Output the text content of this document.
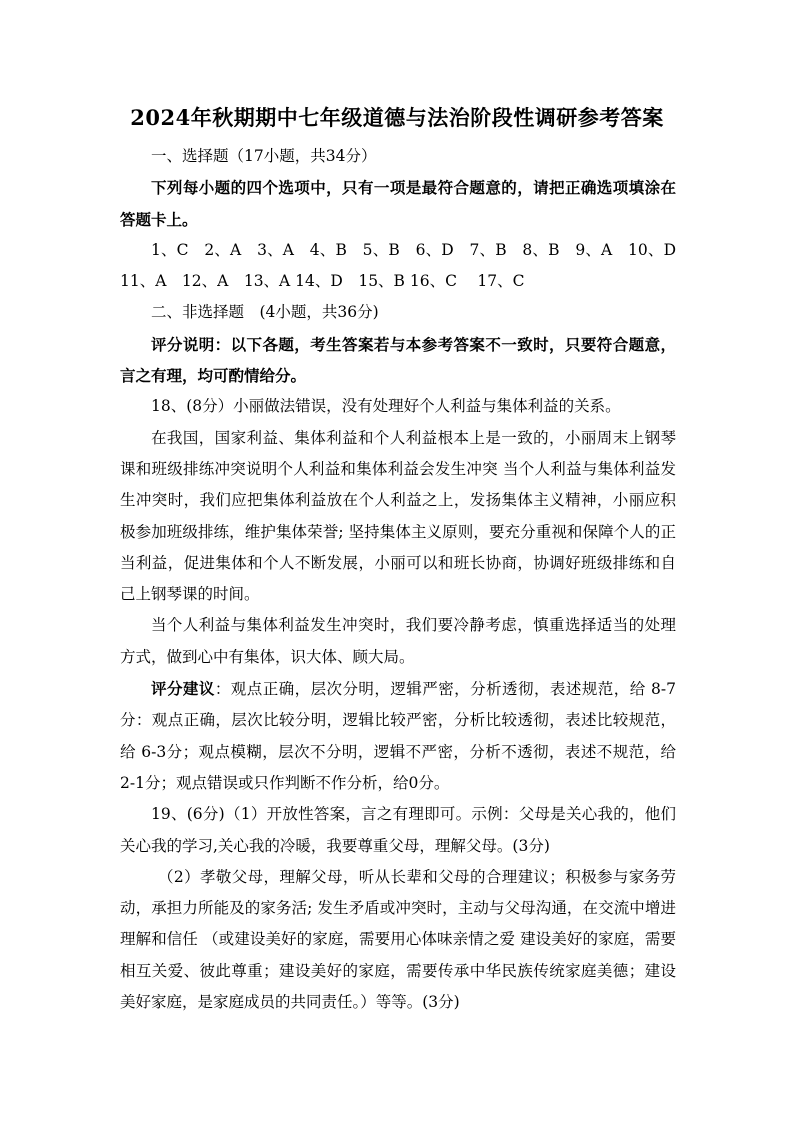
2024年秋期期中七年级道德与法治阶段性调研参考答案

一、选择题（17小题，共34分）

下列每小题的四个选项中，只有一项是最符合题意的，请把正确选项填涂在答题卡上。

1、C　2、A　3、A　4、B　5、B　6、D　7、B　8、B　9、A　10、D　11、A　12、A　13、A 14、D　15、B 16、C　 17、C

二、非选择题　(4小题，共36分)

评分说明：以下各题，考生答案若与本参考答案不一致时，只要符合题意，言之有理，均可酌情给分。

18、(8分）小丽做法错误，没有处理好个人利益与集体利益的关系。

在我国，国家利益、集体利益和个人利益根本上是一致的，小丽周末上钢琴课和班级排练冲突说明个人利益和集体利益会发生冲突 当个人利益与集体利益发生冲突时，我们应把集体利益放在个人利益之上，发扬集体主义精神，小丽应积极参加班级排练，维护集体荣誉; 坚持集体主义原则，要充分重视和保障个人的正当利益，促进集体和个人不断发展，小丽可以和班长协商，协调好班级排练和自己上钢琴课的时间。

当个人利益与集体利益发生冲突时，我们要冷静考虑，慎重选择适当的处理方式，做到心中有集体，识大体、顾大局。

评分建议：观点正确，层次分明，逻辑严密，分析透彻，表述规范，给 8-7分：观点正确，层次比较分明，逻辑比较严密，分析比较透彻，表述比较规范，给 6-3分；观点模糊，层次不分明，逻辑不严密，分析不透彻，表述不规范，给 2-1分；观点错误或只作判断不作分析，给0分。

19、(6分)（1）开放性答案，言之有理即可。示例：父母是关心我的，他们关心我的学习,关心我的冷暖，我要尊重父母，理解父母。(3分)

（2）孝敬父母，理解父母，听从长辈和父母的合理建议；积极参与家务劳动，承担力所能及的家务活; 发生矛盾或冲突时，主动与父母沟通，在交流中增进理解和信任 （或建设美好的家庭，需要用心体味亲情之爱 建设美好的家庭，需要相互关爱、彼此尊重；建设美好的家庭，需要传承中华民族传统家庭美德；建设美好家庭，是家庭成员的共同责任。）等等。(3分)
